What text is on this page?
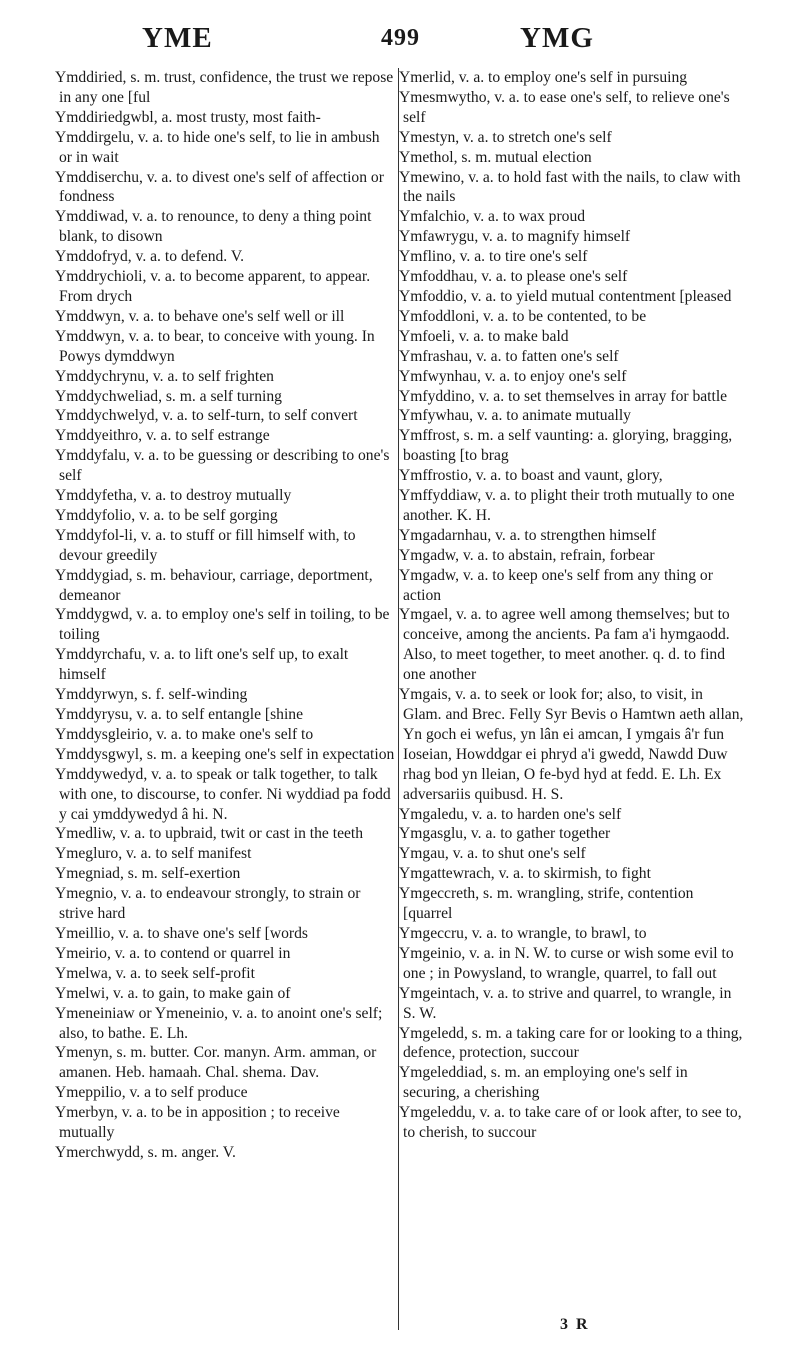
YME	499	YMG

Ymddiried, s. m. trust, confidence, the trust we repose in any one [ful

Ymddiriedgwbl, a. most trusty, most faith-

Ymddirgelu, v. a. to hide one's self, to lie in ambush or in wait

Ymddiserchu, v. a. to divest one's self of affection or fondness

Ymddiwad, v. a. to renounce, to deny a thing point blank, to disown

Ymddofryd, v. a. to defend. V.

Ymddrychioli, v. a. to become apparent, to appear. From drych

Ymddwyn, v. a. to behave one's self well or ill

Ymddwyn, v. a. to bear, to conceive with young. In Powys dymddwyn

Ymddychrynu, v. a. to self frighten

Ymddychweliad, s. m. a self turning

Ymddychwelyd, v. a. to self-turn, to self convert

Ymddyeithro, v. a. to self estrange

Ymddyfalu, v. a. to be guessing or describing to one's self

Ymddyfetha, v. a. to destroy mutually

Ymddyfolio, v. a. to be self gorging

Ymddyfol-li, v. a. to stuff or fill himself with, to devour greedily

Ymddygiad, s. m. behaviour, carriage, deportment, demeanor

Ymddygwd, v. a. to employ one's self in toiling, to be toiling

Ymddyrchafu, v. a. to lift one's self up, to exalt himself

Ymddyrwyn, s. f. self-winding

Ymddyrysu, v. a. to self entangle [shine

Ymddysgleirio, v. a. to make one's self to

Ymddysgwyl, s. m. a keeping one's self in expectation

Ymddywedyd, v. a. to speak or talk together, to talk with one, to discourse, to confer. Ni wyddiad pa fodd y cai ymddywedyd â hi. N.

Ymedliw, v. a. to upbraid, twit or cast in the teeth

Ymegluro, v. a. to self manifest

Ymegniad, s. m. self-exertion

Ymegnio, v. a. to endeavour strongly, to strain or strive hard

Ymeillio, v. a. to shave one's self [words

Ymeirio, v. a. to contend or quarrel in

Ymelwa, v. a. to seek self-profit

Ymelwi, v. a. to gain, to make gain of

Ymeneiniaw or Ymeneinio, v. a. to anoint one's self; also, to bathe. E. Lh.

Ymenyn, s. m. butter. Cor. manyn. Arm. amman, or amanen. Heb. hamaah. Chal. shema. Dav.

Ymeppilio, v. a to self produce

Ymerbyn, v. a. to be in apposition ; to receive mutually

Ymerchwydd, s. m. anger. V.

Ymerlid, v. a. to employ one's self in pursuing

Ymesmwytho, v. a. to ease one's self, to relieve one's self

Ymestyn, v. a. to stretch one's self

Ymethol, s. m. mutual election

Ymewino, v. a. to hold fast with the nails, to claw with the nails

Ymfalchio, v. a. to wax proud

Ymfawrygu, v. a. to magnify himself

Ymflino, v. a. to tire one's self

Ymfoddhau, v. a. to please one's self

Ymfoddio, v. a. to yield mutual contentment [pleased

Ymfoddloni, v. a. to be contented, to be

Ymfoeli, v. a. to make bald

Ymfrashau, v. a. to fatten one's self

Ymfwynhau, v. a. to enjoy one's self

Ymfyddino, v. a. to set themselves in array for battle

Ymfywhau, v. a. to animate mutually

Ymffrost, s. m. a self vaunting: a. glorying, bragging, boasting [to brag

Ymffrostio, v. a. to boast and vaunt, glory,

Ymffyddiaw, v. a. to plight their troth mutually to one another. K. H.

Ymgadarnhau, v. a. to strengthen himself

Ymgadw, v. a. to abstain, refrain, forbear

Ymgadw, v. a. to keep one's self from any thing or action

Ymgael, v. a. to agree well among themselves; but to conceive, among the ancients. Pa fam a'i hymgaodd. Also, to meet together, to meet another. q. d. to find one another

Ymgais, v. a. to seek or look for; also, to visit, in Glam. and Brec. Felly Syr Bevis o Hamtwn aeth allan, Yn goch ei wefus, yn lân ei amcan, I ymgais â'r fun Ioseian, Howddgar ei phryd a'i gwedd, Nawdd Duw rhag bod yn lleian, O fe-byd hyd at fedd. E. Lh. Ex adversariis quibusd. H. S.

Ymgaledu, v. a. to harden one's self

Ymgasglu, v. a. to gather together

Ymgau, v. a. to shut one's self

Ymgattewrach, v. a. to skirmish, to fight

Ymgeccreth, s. m. wrangling, strife, contention [quarrel

Ymgeccru, v. a. to wrangle, to brawl, to

Ymgeinio, v. a. in N. W. to curse or wish some evil to one ; in Powysland, to wrangle, quarrel, to fall out

Ymgeintach, v. a. to strive and quarrel, to wrangle, in S. W.

Ymgeledd, s. m. a taking care for or looking to a thing, defence, protection, succour

Ymgeleddiad, s. m. an employing one's self in securing, a cherishing

Ymgeleddu, v. a. to take care of or look after, to see to, to cherish, to succour

3 R
